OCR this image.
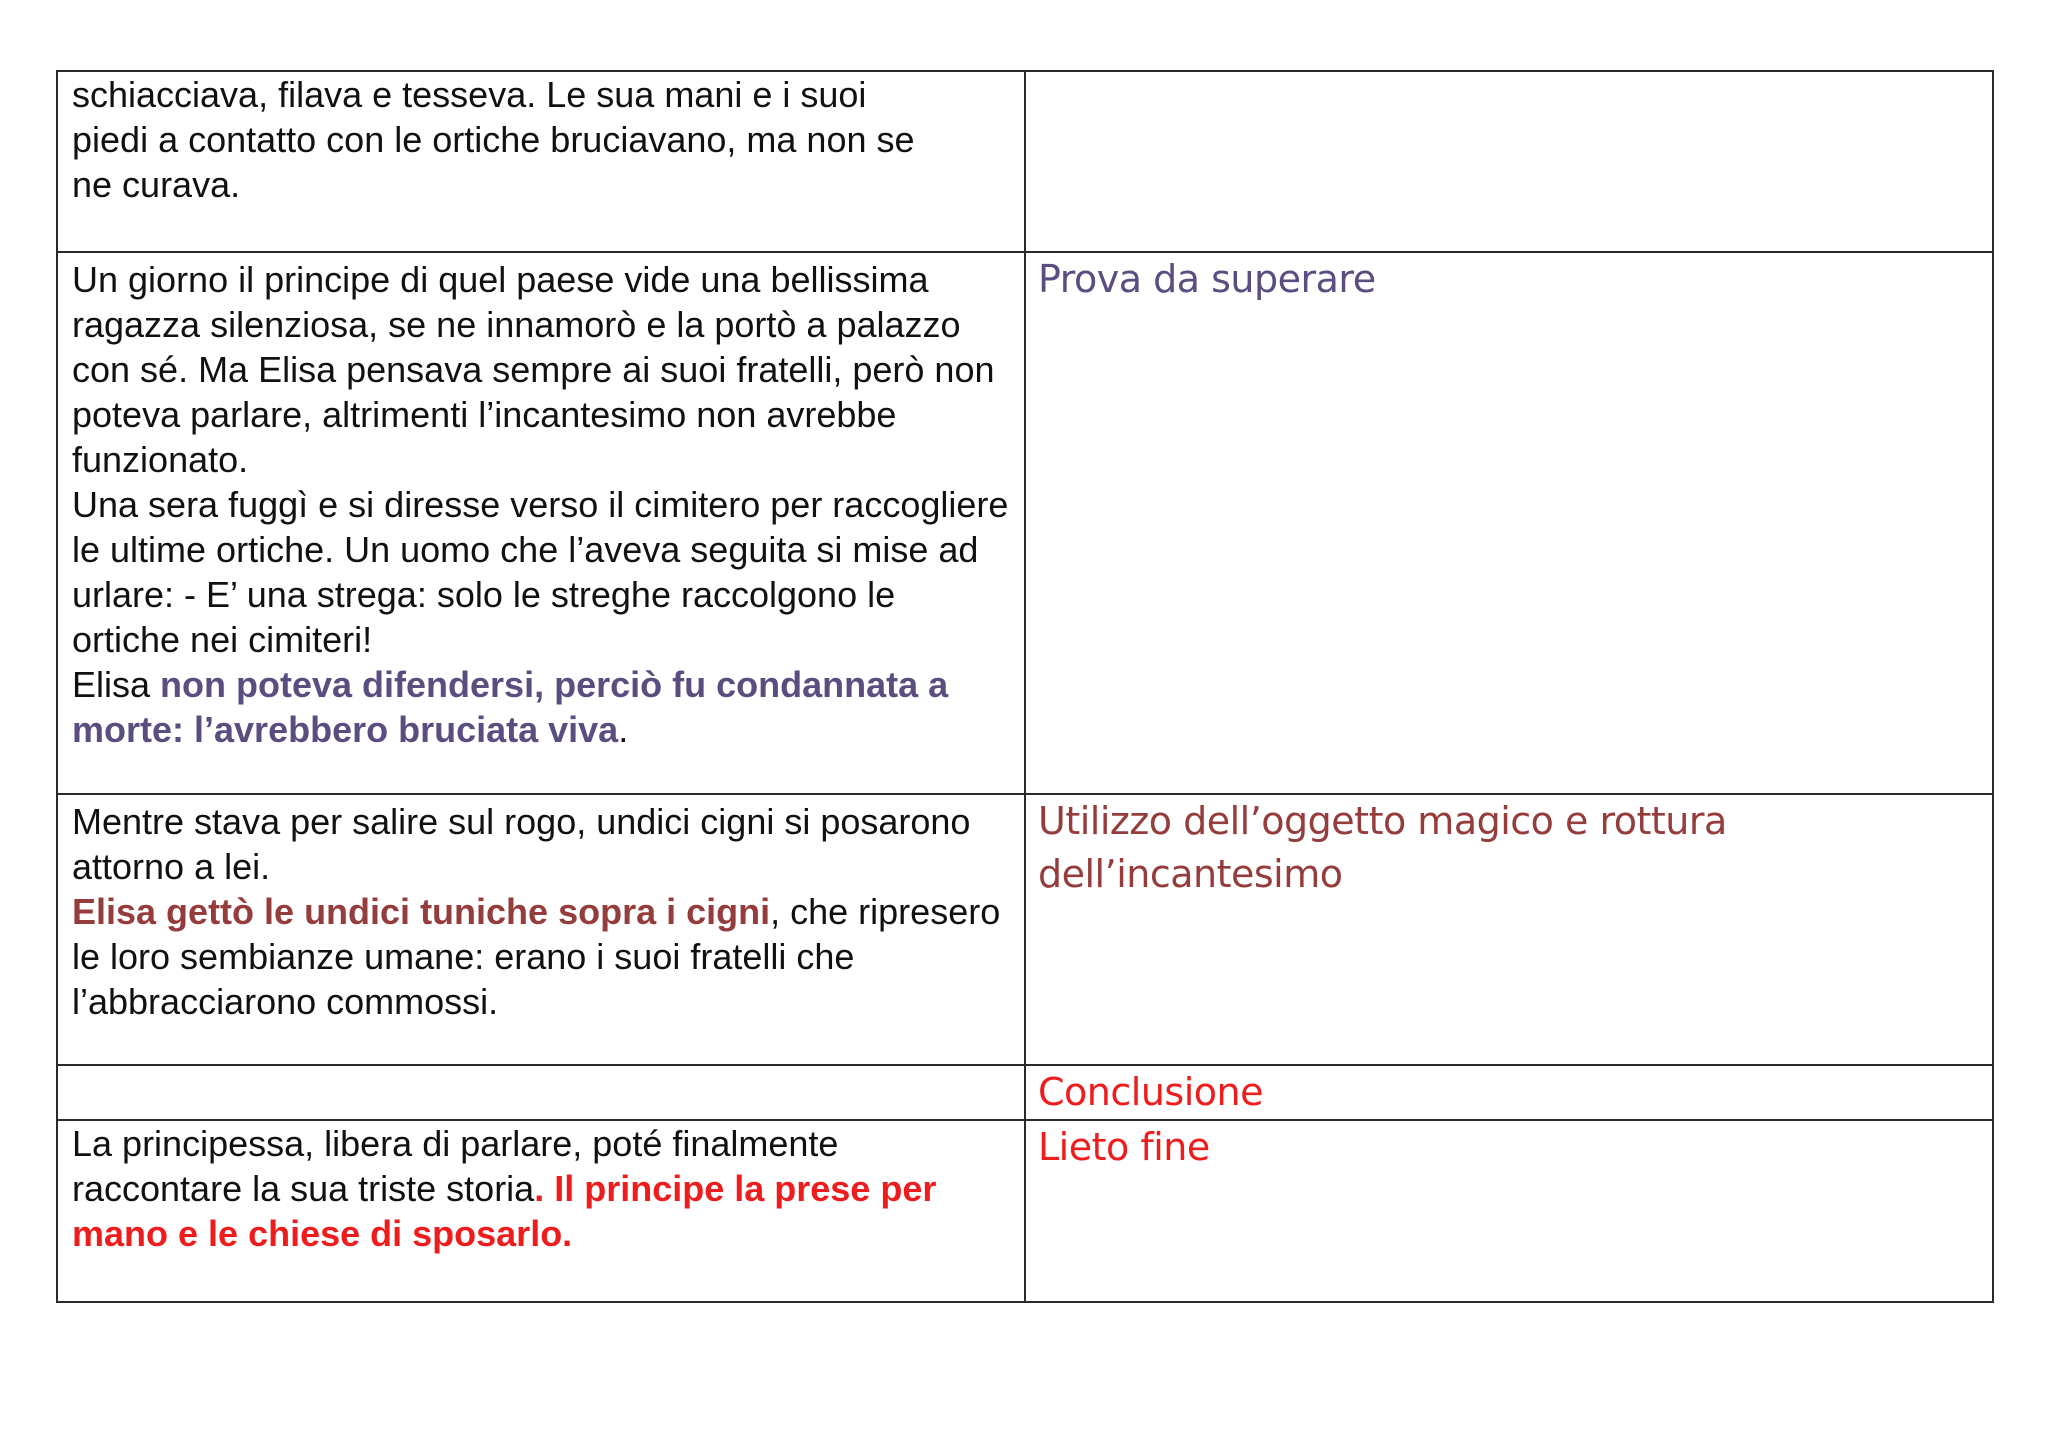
schiacciava, filava e tesseva. Le sua mani e i suoi
piedi a contatto con le ortiche bruciavano, ma non se
ne curava.	

Un giorno il principe di quel paese vide una bellissima ragazza silenziosa, se ne innamorò e la portò a palazzo con sé. Ma Elisa pensava sempre ai suoi fratelli, però non poteva parlare, altrimenti l’incantesimo non avrebbe funzionato.

Una sera fuggì e si diresse verso il cimitero per raccogliere le ultime ortiche. Un uomo che l’aveva seguita si mise ad urlare: - E’ una strega: solo le streghe raccolgono le ortiche nei cimiteri!

Elisa non poteva difendersi, perciò fu condannata a morte: l’avrebbero bruciata viva.	Prova da superare

Mentre stava per salire sul rogo, undici cigni si posarono attorno a lei.

Elisa gettò le undici tuniche sopra i cigni, che ripresero le loro sembianze umane: erano i suoi fratelli che l’abbracciarono commossi.	Utilizzo dell’oggetto magico e rottura dell’incantesimo

	Conclusione

La principessa, libera di parlare, poté finalmente raccontare la sua triste storia. Il principe la prese per mano e le chiese di sposarlo.	Lieto fine
